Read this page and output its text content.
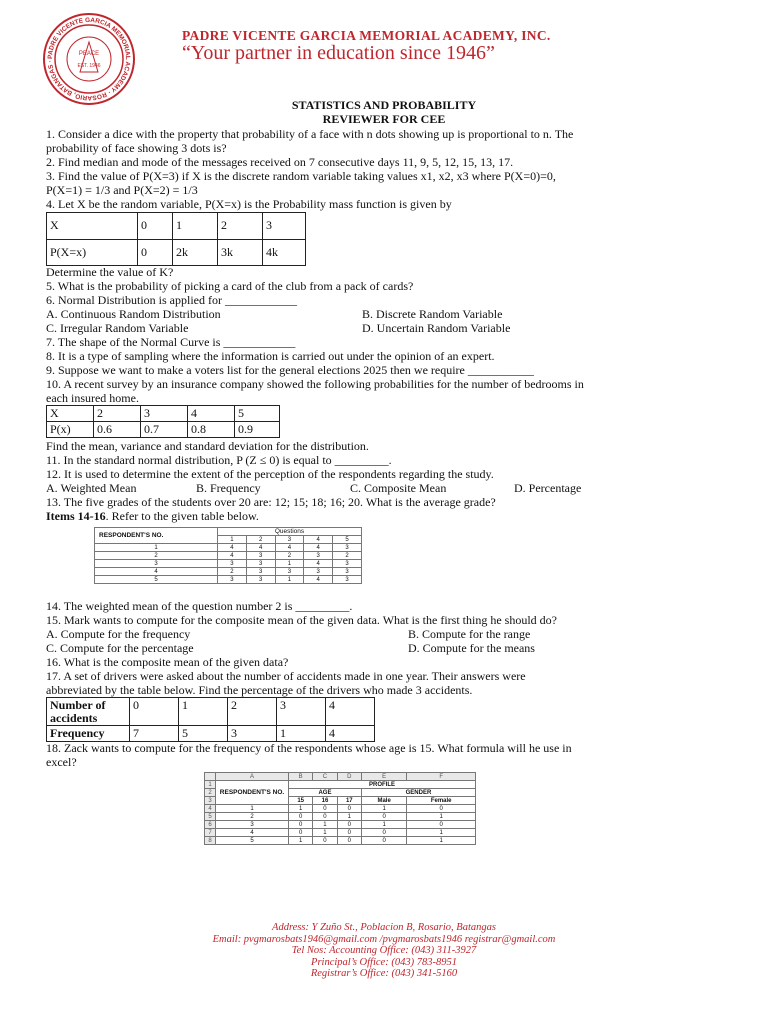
PADRE VICENTE GARCIA MEMORIAL ACADEMY · ROSARIO, BATANGAS ·
PEACE
EST. 1946
PADRE VICENTE GARCIA MEMORIAL ACADEMY, INC.
“Your partner in education since 1946”
STATISTICS AND PROBABILITY
REVIEWER FOR CEE
1. Consider a dice with the property that probability of a face with n dots showing up is proportional to n. The
probability of face showing 3 dots is?
2. Find median and mode of the messages received on 7 consecutive days 11, 9, 5, 12, 15, 13, 17.
3. Find the value of P(X=3) if X is the discrete random variable taking values x1, x2, x3 where P(X=0)=0,
P(X=1) = 1/3 and P(X=2) = 1/3
4. Let X be the random variable, P(X=x) is the Probability mass function is given by
X	0	1	2	3
P(X=x)	0	2k	3k	4k
Determine the value of K?
5. What is the probability of picking a card of the club from a pack of cards?
6. Normal Distribution is applied for ____________
A. Continuous Random Distribution	B. Discrete Random Variable
C. Irregular Random Variable	D. Uncertain Random Variable
7. The shape of the Normal Curve is ____________
8. It is a type of sampling where the information is carried out under the opinion of an expert.
9. Suppose we want to make a voters list for the general elections 2025 then we require ___________
10. A recent survey by an insurance company showed the following probabilities for the number of bedrooms in
each insured home.
X	2	3	4	5
P(x)	0.6	0.7	0.8	0.9
Find the mean, variance and standard deviation for the distribution.
11. In the standard normal distribution, P (Z ≤ 0) is equal to _________.
12. It is used to determine the extent of the perception of the respondents regarding the study.
A. Weighted Mean	B. Frequency	C. Composite Mean	D. Percentage
13. The five grades of the students over 20 are: 12; 15; 18; 16; 20. What is the average grade?
Items 14-16. Refer to the given table below.
RESPONDENT'S NO.	Questions				
	1	2	3	4	5
1	4	4	4	4	3
2	4	3	2	3	2
3	3	3	1	4	3
4	2	3	3	3	3
5	3	3	1	4	3
14. The weighted mean of the question number 2 is _________.
15. Mark wants to compute for the composite mean of the given data. What is the first thing he should do?
A. Compute for the frequency	B. Compute for the range
C. Compute for the percentage	D. Compute for the means
16. What is the composite mean of the given data?
17. A set of drivers were asked about the number of accidents made in one year. Their answers were
abbreviated by the table below. Find the percentage of the drivers who made 3 accidents.
Number of
accidents	0	1	2	3	4
Frequency	7	5	3	1	4
18. Zack wants to compute for the frequency of the respondents whose age is 15. What formula will he use in
excel?
	A	B	C	D	E	F
1	RESPONDENT'S NO.	PROFILE				
2		AGE			GENDER	
3		15	16	17	Male	Female
4	1	1	0	0	1	0
5	2	0	0	1	0	1
6	3	0	1	0	1	0
7	4	0	1	0	0	1
8	5	1	0	0	0	1
Address: Y Zuño St., Poblacion B, Rosario, Batangas
Email: pvgmarosbats1946@gmail.com /pvgmarosbats1946 registrar@gmail.com
Tel Nos: Accounting Office: (043) 311-3927
Principal’s Office: (043) 783-8951
Registrar’s Office: (043) 341-5160
